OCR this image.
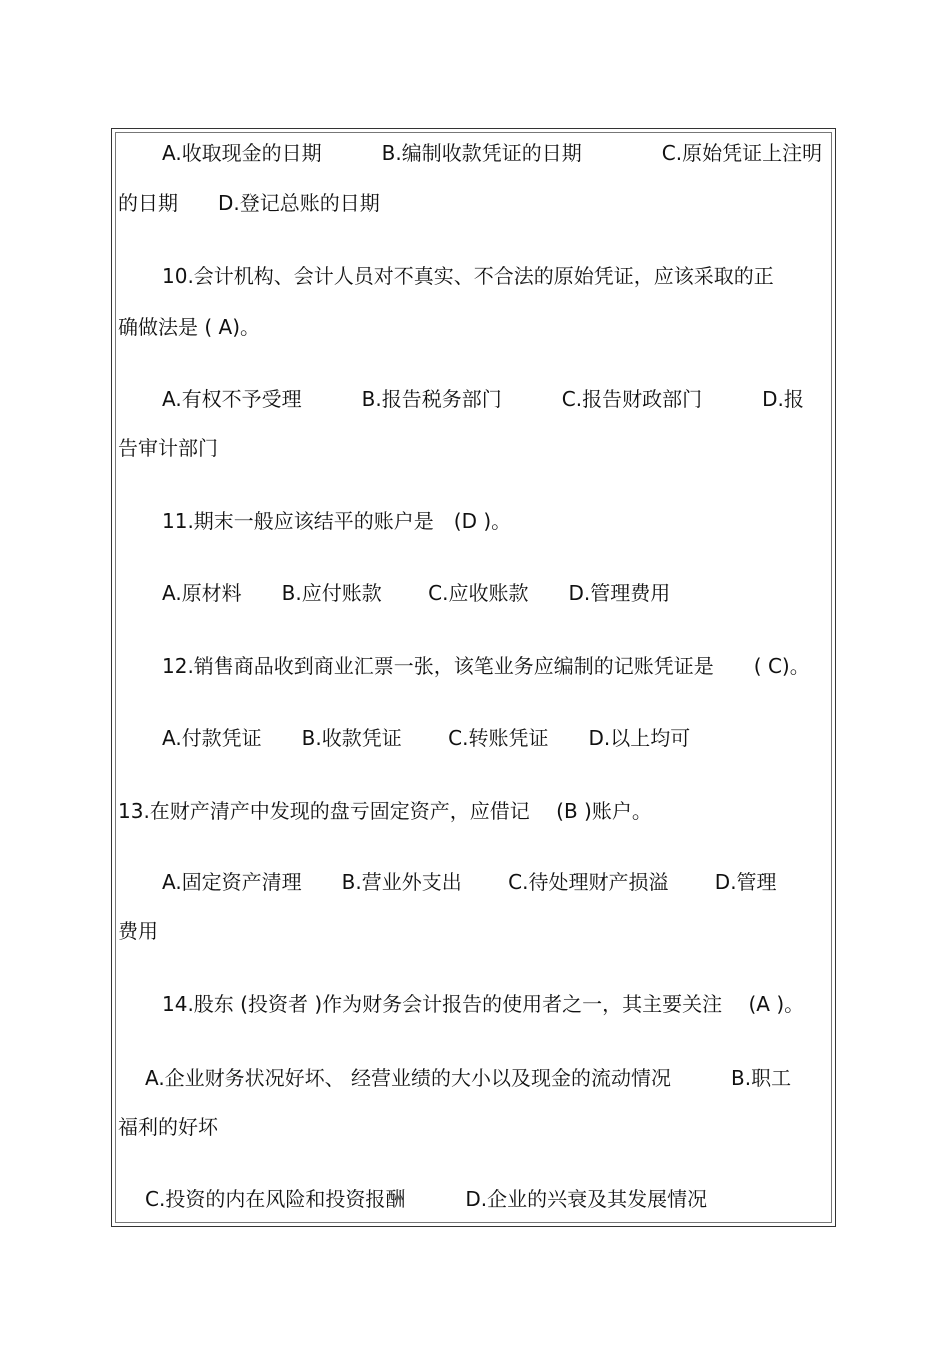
A.收取现金的日期　　　B.编制收款凭证的日期　　　　C.原始凭证上注明
的日期　　D.登记总账的日期
10.会计机构、会计人员对不真实、不合法的原始凭证，应该采取的正
确做法是 ( A)。
A.有权不予受理　　　B.报告税务部门　　　C.报告财政部门　　　D.报
告审计部门
11.期末一般应该结平的账户是　(D )。
A.原材料　　B.应付账款　　 C.应收账款　　D.管理费用
12.销售商品收到商业汇票一张，该笔业务应编制的记账凭证是　　( C)。
A.付款凭证　　B.收款凭证　　 C.转账凭证　　D.以上均可
13.在财产清产中发现的盘亏固定资产，应借记　 (B )账户。
A.固定资产清理　　B.营业外支出　　 C.待处理财产损溢　　 D.管理
费用
14.股东 (投资者 )作为财务会计报告的使用者之一，其主要关注　 (A )。
A.企业财务状况好坏、 经营业绩的大小以及现金的流动情况　　　B.职工
福利的好坏
C.投资的内在风险和投资报酬　　　D.企业的兴衰及其发展情况
